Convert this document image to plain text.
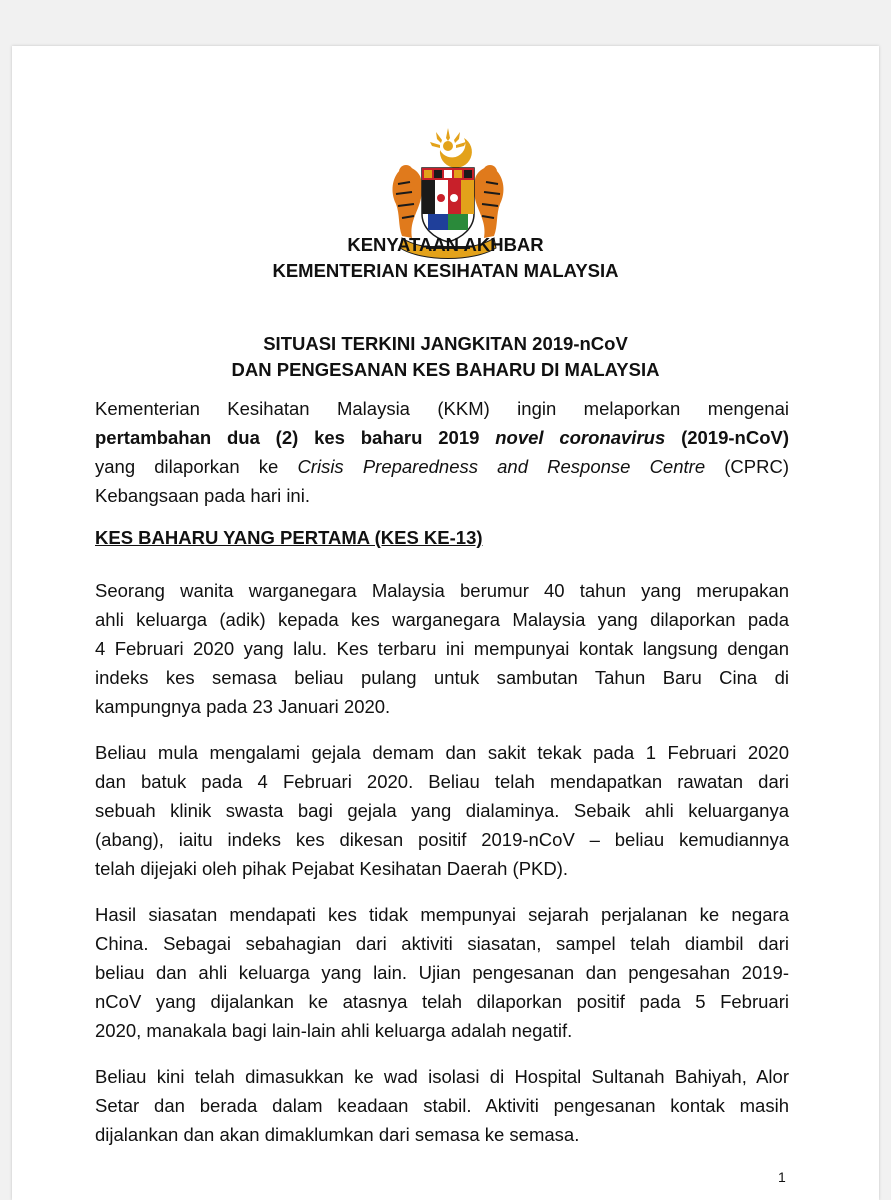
KENYATAAN AKHBAR
KEMENTERIAN KESIHATAN MALAYSIA
SITUASI TERKINI JANGKITAN 2019-nCoV
DAN PENGESANAN KES BAHARU DI MALAYSIA
Kementerian Kesihatan Malaysia (KKM) ingin melaporkan mengenai
pertambahan dua (2) kes baharu 2019 novel coronavirus (2019-nCoV)
yang dilaporkan ke Crisis Preparedness and Response Centre (CPRC)
Kebangsaan pada hari ini.
KES BAHARU YANG PERTAMA (KES KE-13)
Seorang wanita warganegara Malaysia berumur 40 tahun yang merupakan
ahli keluarga (adik) kepada kes warganegara Malaysia yang dilaporkan pada
4 Februari 2020 yang lalu. Kes terbaru ini mempunyai kontak langsung dengan
indeks kes semasa beliau pulang untuk sambutan Tahun Baru Cina di
kampungnya pada 23 Januari 2020.
Beliau mula mengalami gejala demam dan sakit tekak pada 1 Februari 2020
dan batuk pada 4 Februari 2020. Beliau telah mendapatkan rawatan dari
sebuah klinik swasta bagi gejala yang dialaminya. Sebaik ahli keluarganya
(abang), iaitu indeks kes dikesan positif 2019-nCoV – beliau kemudiannya
telah dijejaki oleh pihak Pejabat Kesihatan Daerah (PKD).
Hasil siasatan mendapati kes tidak mempunyai sejarah perjalanan ke negara
China. Sebagai sebahagian dari aktiviti siasatan, sampel telah diambil dari
beliau dan ahli keluarga yang lain. Ujian pengesanan dan pengesahan 2019-
nCoV yang dijalankan ke atasnya telah dilaporkan positif pada 5 Februari
2020, manakala bagi lain-lain ahli keluarga adalah negatif.
Beliau kini telah dimasukkan ke wad isolasi di Hospital Sultanah Bahiyah, Alor
Setar dan berada dalam keadaan stabil. Aktiviti pengesanan kontak masih
dijalankan dan akan dimaklumkan dari semasa ke semasa.
1
